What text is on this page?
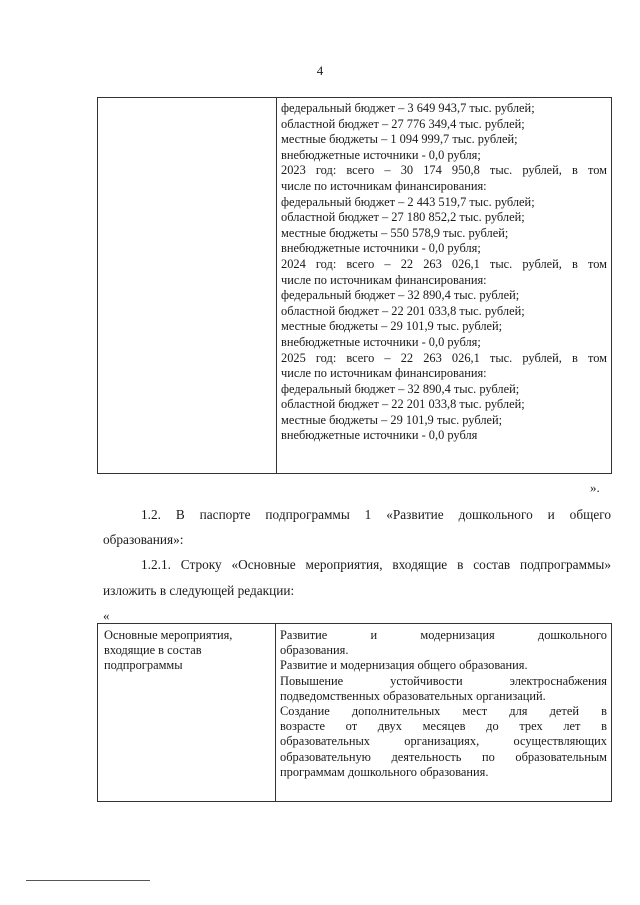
4
федеральный бюджет – 3 649 943,7 тыс. рублей;
областной бюджет – 27 776 349,4 тыс. рублей;
местные бюджеты – 1 094 999,7 тыс. рублей;
внебюджетные источники - 0,0 рубля;
2023 год: всего – 30 174 950,8 тыс. рублей, в том
числе по источникам финансирования:
федеральный бюджет – 2 443 519,7 тыс. рублей;
областной бюджет – 27 180 852,2 тыс. рублей;
местные бюджеты – 550 578,9 тыс. рублей;
внебюджетные источники - 0,0 рубля;
2024 год: всего – 22 263 026,1 тыс. рублей, в том
числе по источникам финансирования:
федеральный бюджет – 32 890,4 тыс. рублей;
областной бюджет – 22 201 033,8 тыс. рублей;
местные бюджеты – 29 101,9 тыс. рублей;
внебюджетные источники - 0,0 рубля;
2025 год: всего – 22 263 026,1 тыс. рублей, в том
числе по источникам финансирования:
федеральный бюджет – 32 890,4 тыс. рублей;
областной бюджет – 22 201 033,8 тыс. рублей;
местные бюджеты – 29 101,9 тыс. рублей;
внебюджетные источники - 0,0 рубля
».
1.2. В паспорте подпрограммы 1 «Развитие дошкольного и общего
образования»:
1.2.1. Строку «Основные мероприятия, входящие в состав подпрограммы»
изложить в следующей редакции:
«
Основные мероприятия,
входящие в состав
подпрограммы
Развитие и модернизация дошкольного
образования.
Развитие и модернизация общего образования.
Повышение устойчивости электроснабжения
подведомственных образовательных организаций.
Создание дополнительных мест для детей в
возрасте от двух месяцев до трех лет в
образовательных организациях, осуществляющих
образовательную деятельность по образовательным
программам дошкольного образования.
